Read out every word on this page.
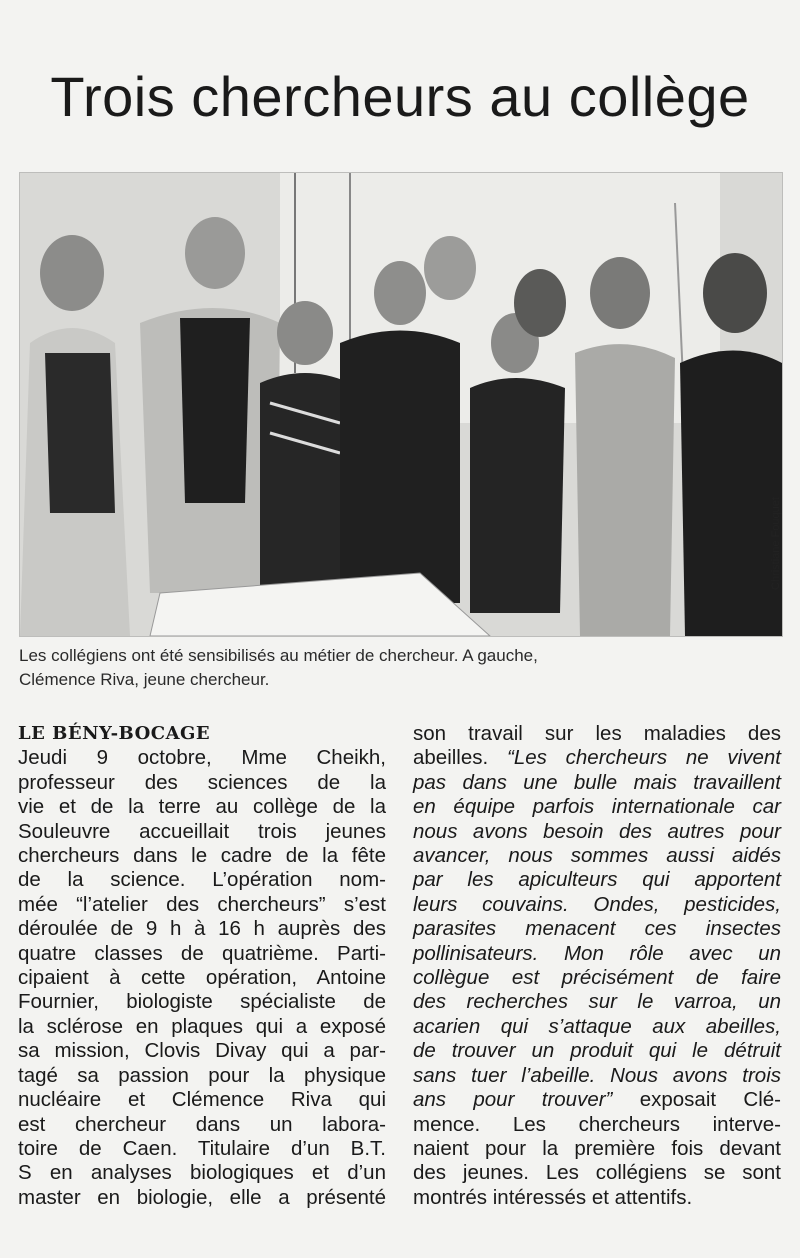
Trois chercheurs au collège
Christiane Fouquet

Les collégiens ont été sensibilisés au métier de chercheur. A gauche,
Clémence Riva, jeune chercheur.

LE BÉNY-BOCAGE
Jeudi 9 octobre, Mme Cheikh,
professeur des sciences de la
vie et de la terre au collège de la
Souleuvre accueillait trois jeunes
chercheurs dans le cadre de la fête
de la science. L’opération nom-
mée “l’atelier des chercheurs” s’est
déroulée de 9 h à 16 h auprès des
quatre classes de quatrième. Parti-
cipaient à cette opération, Antoine
Fournier, biologiste spécialiste de
la sclérose en plaques qui a exposé
sa mission, Clovis Divay qui a par-
tagé sa passion pour la physique
nucléaire et Clémence Riva qui
est chercheur dans un labora-
toire de Caen. Titulaire d’un B.T.
S en analyses biologiques et d’un
master en biologie, elle a présenté
son travail sur les maladies des
abeilles. “Les chercheurs ne vivent
pas dans une bulle mais travaillent
en équipe parfois internationale car
nous avons besoin des autres pour
avancer, nous sommes aussi aidés
par les apiculteurs qui apportent
leurs couvains. Ondes, pesticides,
parasites menacent ces insectes
pollinisateurs. Mon rôle avec un
collègue est précisément de faire
des recherches sur le varroa, un
acarien qui s’attaque aux abeilles,
de trouver un produit qui le détruit
sans tuer l’abeille. Nous avons trois
ans pour trouver” exposait Clé-
mence. Les chercheurs interve-
naient pour la première fois devant
des jeunes. Les collégiens se sont
montrés intéressés et attentifs.
